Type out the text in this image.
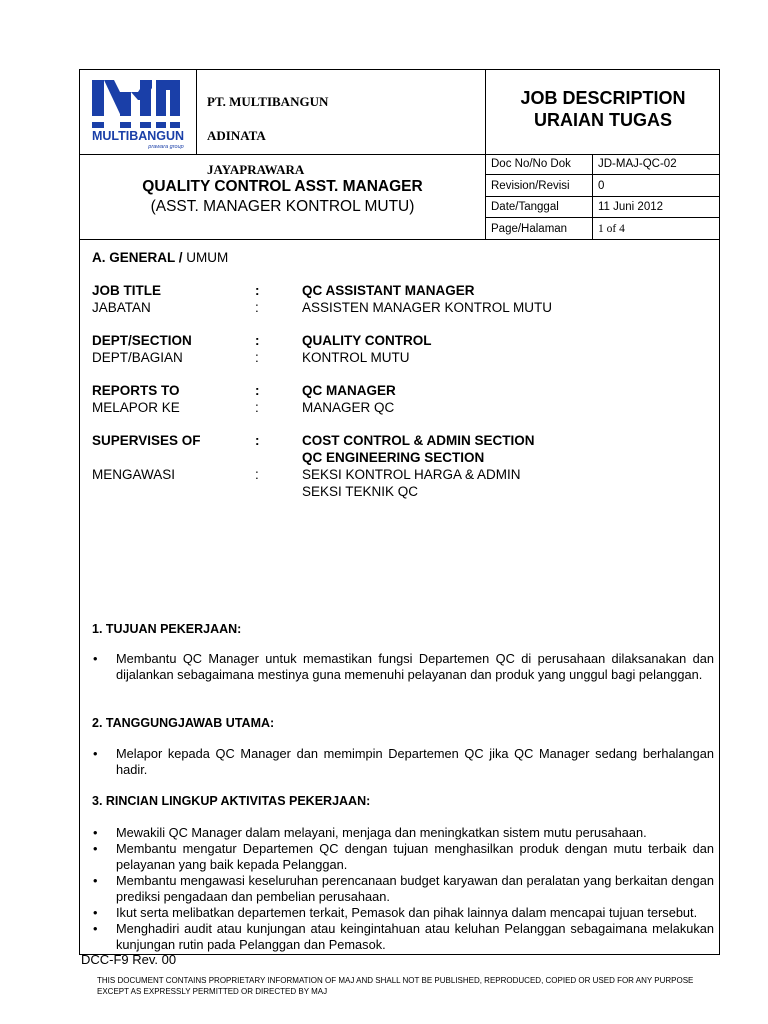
MULTIBANGUN
prawara group

PT. MULTIBANGUN

ADINATA

JAYAPRAWARA

JOB DESCRIPTION
URAIAN TUGAS
QUALITY CONTROL ASST. MANAGER
(ASST. MANAGER KONTROL MUTU)
Doc No/No Dok	JD-MAJ-QC-02
Revision/Revisi	0
Date/Tanggal	11 Juni 2012
Page/Halaman	1 of 4
A. GENERAL / UMUM
JOB TITLE	:	QC ASSISTANT MANAGER
JABATAN	:	ASSISTEN MANAGER KONTROL MUTU
DEPT/SECTION	:	QUALITY CONTROL
DEPT/BAGIAN	:	KONTROL MUTU
REPORTS TO	:	QC MANAGER
MELAPOR KE	:	MANAGER QC
SUPERVISES OF	:	COST CONTROL & ADMIN SECTION
QC ENGINEERING SECTION
MENGAWASI	:	SEKSI KONTROL HARGA & ADMIN
SEKSI TEKNIK QC
1. TUJUAN PEKERJAAN:
• Membantu QC Manager untuk memastikan fungsi Departemen QC di perusahaan dilaksanakan dan dijalankan sebagaimana mestinya guna memenuhi pelayanan dan produk yang unggul bagi pelanggan.
2. TANGGUNGJAWAB UTAMA:
• Melapor kepada QC Manager dan memimpin Departemen QC jika QC Manager sedang berhalangan hadir.
3. RINCIAN LINGKUP AKTIVITAS PEKERJAAN:
• Mewakili QC Manager dalam melayani, menjaga dan meningkatkan sistem mutu perusahaan.
• Membantu mengatur Departemen QC dengan tujuan menghasilkan produk dengan mutu terbaik dan pelayanan yang baik kepada Pelanggan.
• Membantu mengawasi keseluruhan perencanaan budget karyawan dan peralatan yang berkaitan dengan prediksi pengadaan dan pembelian perusahaan.
• Ikut serta melibatkan departemen terkait, Pemasok dan pihak lainnya dalam mencapai tujuan tersebut.
• Menghadiri audit atau kunjungan atau keingintahuan atau keluhan Pelanggan sebagaimana melakukan kunjungan rutin pada Pelanggan dan Pemasok.
DCC-F9 Rev. 00
THIS DOCUMENT CONTAINS PROPRIETARY INFORMATION OF MAJ AND SHALL NOT BE PUBLISHED, REPRODUCED, COPIED OR USED FOR ANY PURPOSE EXCEPT AS EXPRESSLY PERMITTED OR DIRECTED BY MAJ
